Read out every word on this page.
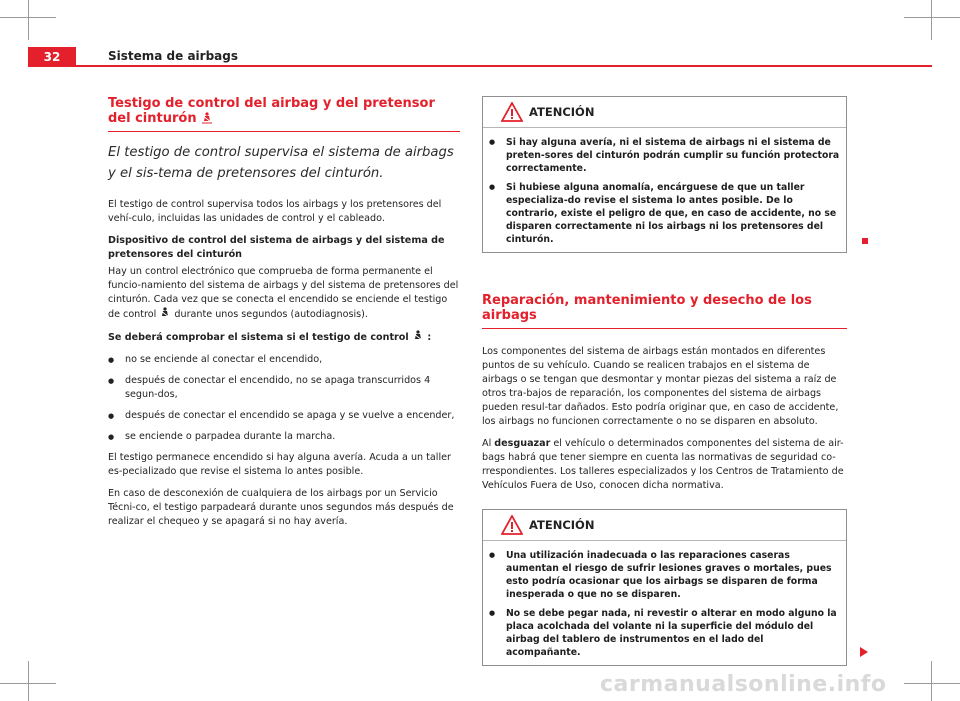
32	Sistema de airbags
Testigo de control del airbag y del pretensor del cinturón

El testigo de control supervisa el sistema de airbags y el sis-tema de pretensores del cinturón.

El testigo de control supervisa todos los airbags y los pretensores del vehí-culo, incluidas las unidades de control y el cableado.

Dispositivo de control del sistema de airbags y del sistema de pretensores del cinturón

Hay un control electrónico que comprueba de forma permanente el funcio-namiento del sistema de airbags y del sistema de pretensores del cinturón. Cada vez que se conecta el encendido se enciende el testigo de control durante unos segundos (autodiagnosis).

Se deberá comprobar el sistema si el testigo de control :

● no se enciende al conectar el encendido,
● después de conectar el encendido, no se apaga transcurridos 4 segun-dos,
● después de conectar el encendido se apaga y se vuelve a encender,
● se enciende o parpadea durante la marcha.

El testigo permanece encendido si hay alguna avería. Acuda a un taller es-pecializado que revise el sistema lo antes posible.

En caso de desconexión de cualquiera de los airbags por un Servicio Técni-co, el testigo parpadeará durante unos segundos más después de realizar el chequeo y se apagará si no hay avería.

ATENCIÓN
● Si hay alguna avería, ni el sistema de airbags ni el sistema de preten-sores del cinturón podrán cumplir su función protectora correctamente.
● Si hubiese alguna anomalía, encárguese de que un taller especializa-do revise el sistema lo antes posible. De lo contrario, existe el peligro de que, en caso de accidente, no se disparen correctamente ni los airbags ni los pretensores del cinturón.
Reparación, mantenimiento y desecho de los airbags

Los componentes del sistema de airbags están montados en diferentes puntos de su vehículo. Cuando se realicen trabajos en el sistema de airbags o se tengan que desmontar y montar piezas del sistema a raíz de otros tra-bajos de reparación, los componentes del sistema de airbags pueden resul-tar dañados. Esto podría originar que, en caso de accidente, los airbags no funcionen correctamente o no se disparen en absoluto.

Al desguazar el vehículo o determinados componentes del sistema de air-bags habrá que tener siempre en cuenta las normativas de seguridad co-rrespondientes. Los talleres especializados y los Centros de Tratamiento de Vehículos Fuera de Uso, conocen dicha normativa.

ATENCIÓN
● Una utilización inadecuada o las reparaciones caseras aumentan el riesgo de sufrir lesiones graves o mortales, pues esto podría ocasionar que los airbags se disparen de forma inesperada o que no se disparen.
● No se debe pegar nada, ni revestir o alterar en modo alguno la placa acolchada del volante ni la superficie del módulo del airbag del tablero de instrumentos en el lado del acompañante.
carmanualsonline.info
